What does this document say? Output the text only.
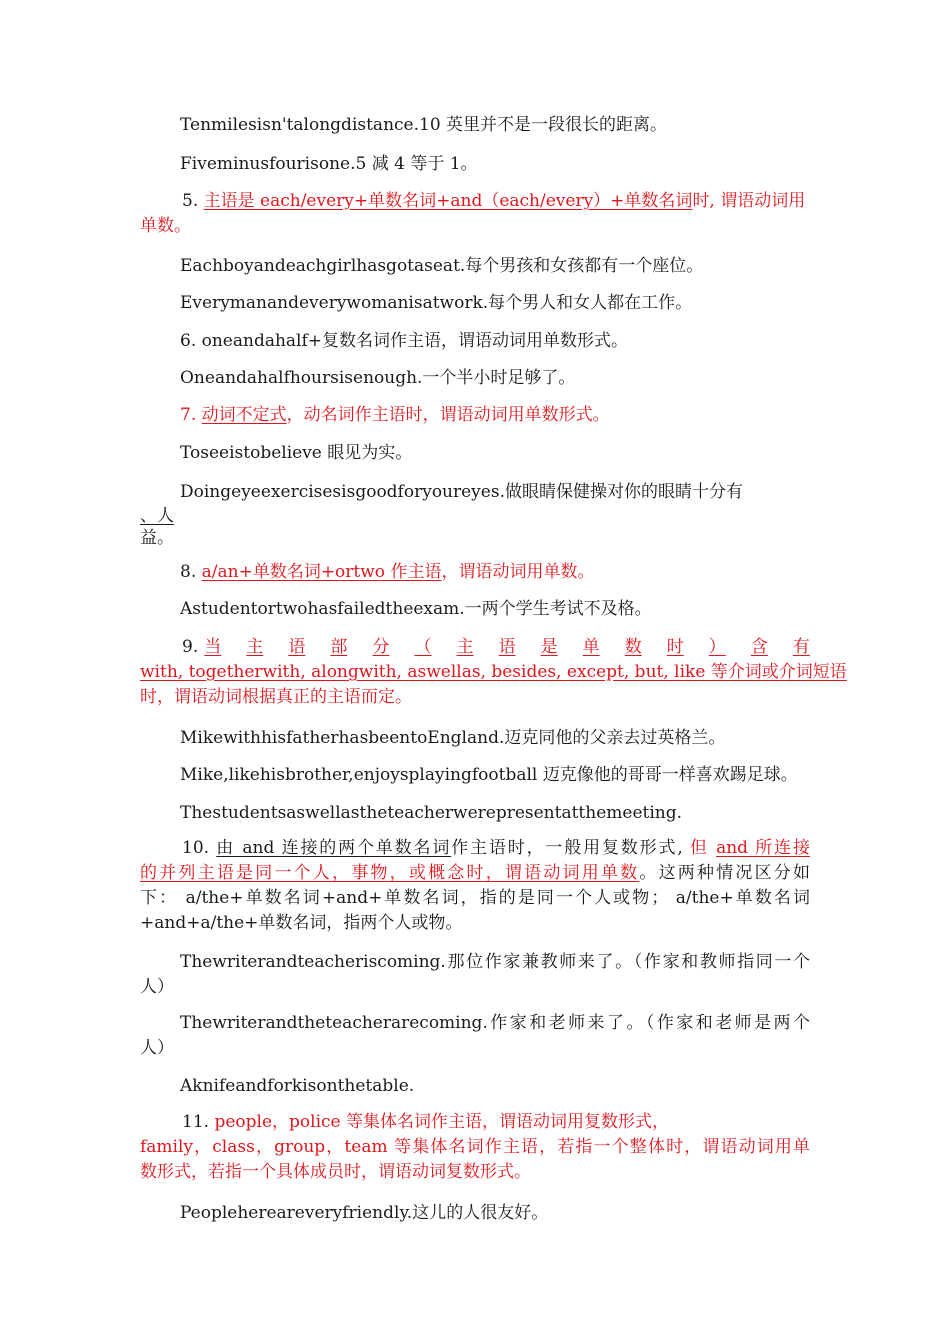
Tenmilesisn'talongdistance.10 英里并不是一段很长的距离。
Fiveminusfourisone.5 减 4 等于 1。
5. 主语是 each/every+单数名词+and（each/every）+单数名词时, 谓语动词用
单数。
Eachboyandeachgirlhasgotaseat.每个男孩和女孩都有一个座位。
Everymanandeverywomanisatwork.每个男人和女人都在工作。
6. oneandahalf+复数名词作主语，谓语动词用单数形式。
Oneandahalfhoursisenough.一个半小时足够了。
7. 动词不定式，动名词作主语时，谓语动词用单数形式。
Toseeistobelieve 眼见为实。
Doingeyeexercisesisgoodforyoureyes.做眼睛保健操对你的眼睛十分有
、人
益。
8. a/an+单数名词+ortwo 作主语，谓语动词用单数。
Astudentortwohasfailedtheexam.一两个学生考试不及格。
9. 当 主 语 部 分 （ 主 语 是 单 数 时 ） 含 有
with, togetherwith, alongwith, aswellas, besides, except, but, like 等介词或介词短语
时，谓语动词根据真正的主语而定。
MikewithhisfatherhasbeentoEngland.迈克同他的父亲去过英格兰。
Mike,likehisbrother,enjoysplayingfootball 迈克像他的哥哥一样喜欢踢足球。
Thestudentsaswellastheteacherwerepresentatthemeeting.
10. 由 and 连接的两个单数名词作主语时，一般用复数形式, 但 and 所连接
的并列主语是同一个人，事物，或概念时，谓语动词用单数。这两种情况区分如
下： a/the+单数名词+and+单数名词，指的是同一个人或物； a/the+单数名词
+and+a/the+单数名词，指两个人或物。
Thewriterandteacheriscoming.那位作家兼教师来了。（作家和教师指同一个
人）
Thewriterandtheteacherarecoming.作家和老师来了。（作家和老师是两个
人）
Aknifeandforkisonthetable.
11. people，police 等集体名词作主语，谓语动词用复数形式，
family，class，group，team 等集体名词作主语，若指一个整体时，谓语动词用单
数形式，若指一个具体成员时，谓语动词复数形式。
Peoplehereareveryfriendly.这儿的人很友好。
